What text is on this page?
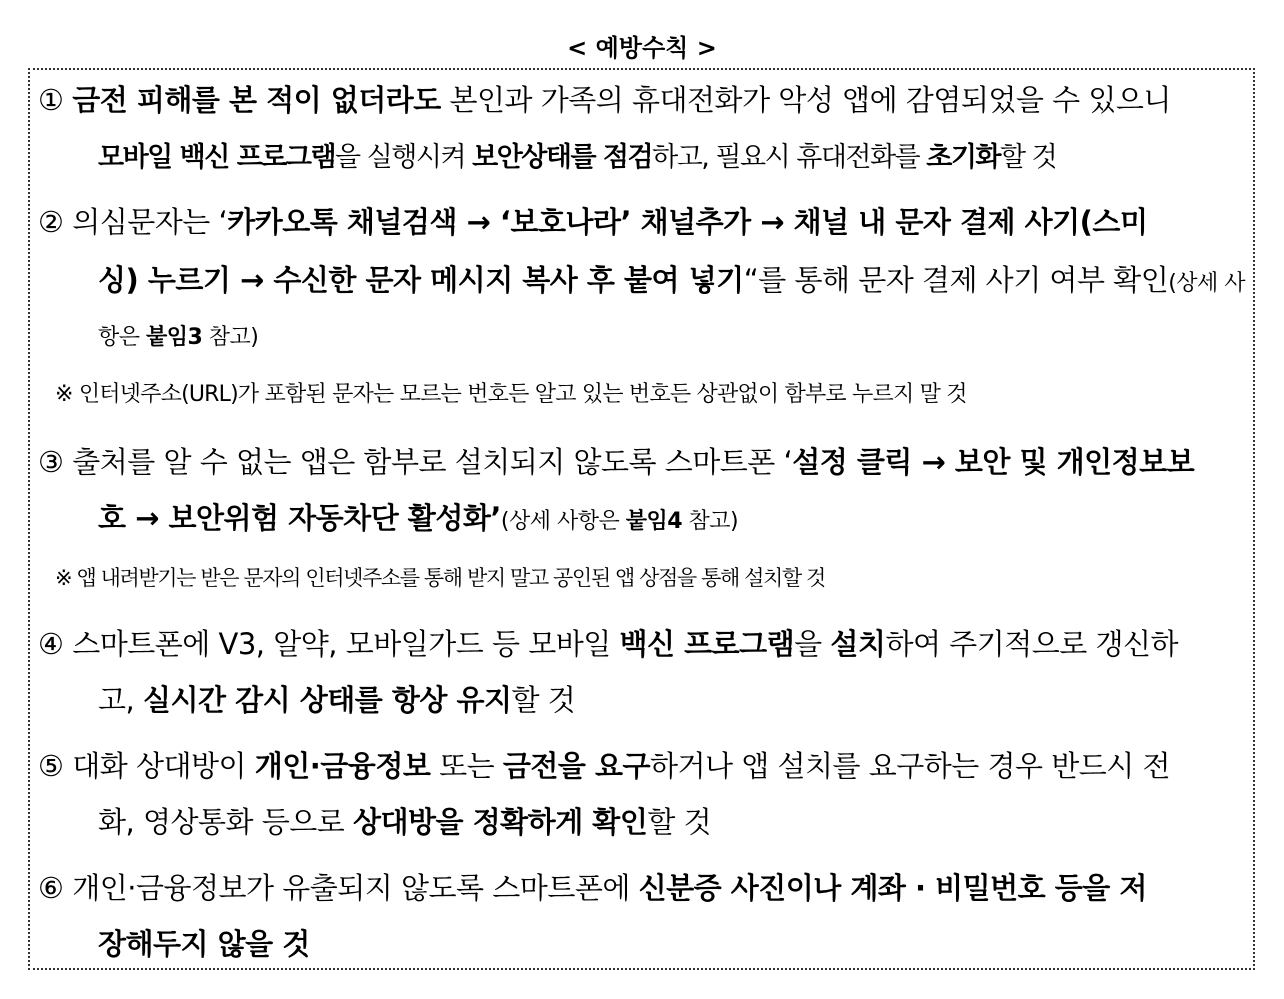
< 예방수칙 >
① 금전 피해를 본 적이 없더라도 본인과 가족의 휴대전화가 악성 앱에 감염되었을 수 있으니
모바일 백신 프로그램을 실행시켜 보안상태를 점검하고, 필요시 휴대전화를 초기화할 것
② 의심문자는 ‘카카오톡 채널검색 → ‘보호나라’ 채널추가 → 채널 내 문자 결제 사기(스미
싱) 누르기 → 수신한 문자 메시지 복사 후 붙여 넣기“를 통해 문자 결제 사기 여부 확인(상세 사
항은 붙임3 참고)
※ 인터넷주소(URL)가 포함된 문자는 모르는 번호든 알고 있는 번호든 상관없이 함부로 누르지 말 것
③ 출처를 알 수 없는 앱은 함부로 설치되지 않도록 스마트폰 ‘설정 클릭 → 보안 및 개인정보보
호 → 보안위험 자동차단 활성화’(상세 사항은 붙임4 참고)
※ 앱 내려받기는 받은 문자의 인터넷주소를 통해 받지 말고 공인된 앱 상점을 통해 설치할 것
④ 스마트폰에 V3, 알약, 모바일가드 등 모바일 백신 프로그램을 설치하여 주기적으로 갱신하
고, 실시간 감시 상태를 항상 유지할 것
⑤ 대화 상대방이 개인·금융정보 또는 금전을 요구하거나 앱 설치를 요구하는 경우 반드시 전
화, 영상통화 등으로 상대방을 정확하게 확인할 것
⑥ 개인·금융정보가 유출되지 않도록 스마트폰에 신분증 사진이나 계좌 · 비밀번호 등을 저
장해두지 않을 것
